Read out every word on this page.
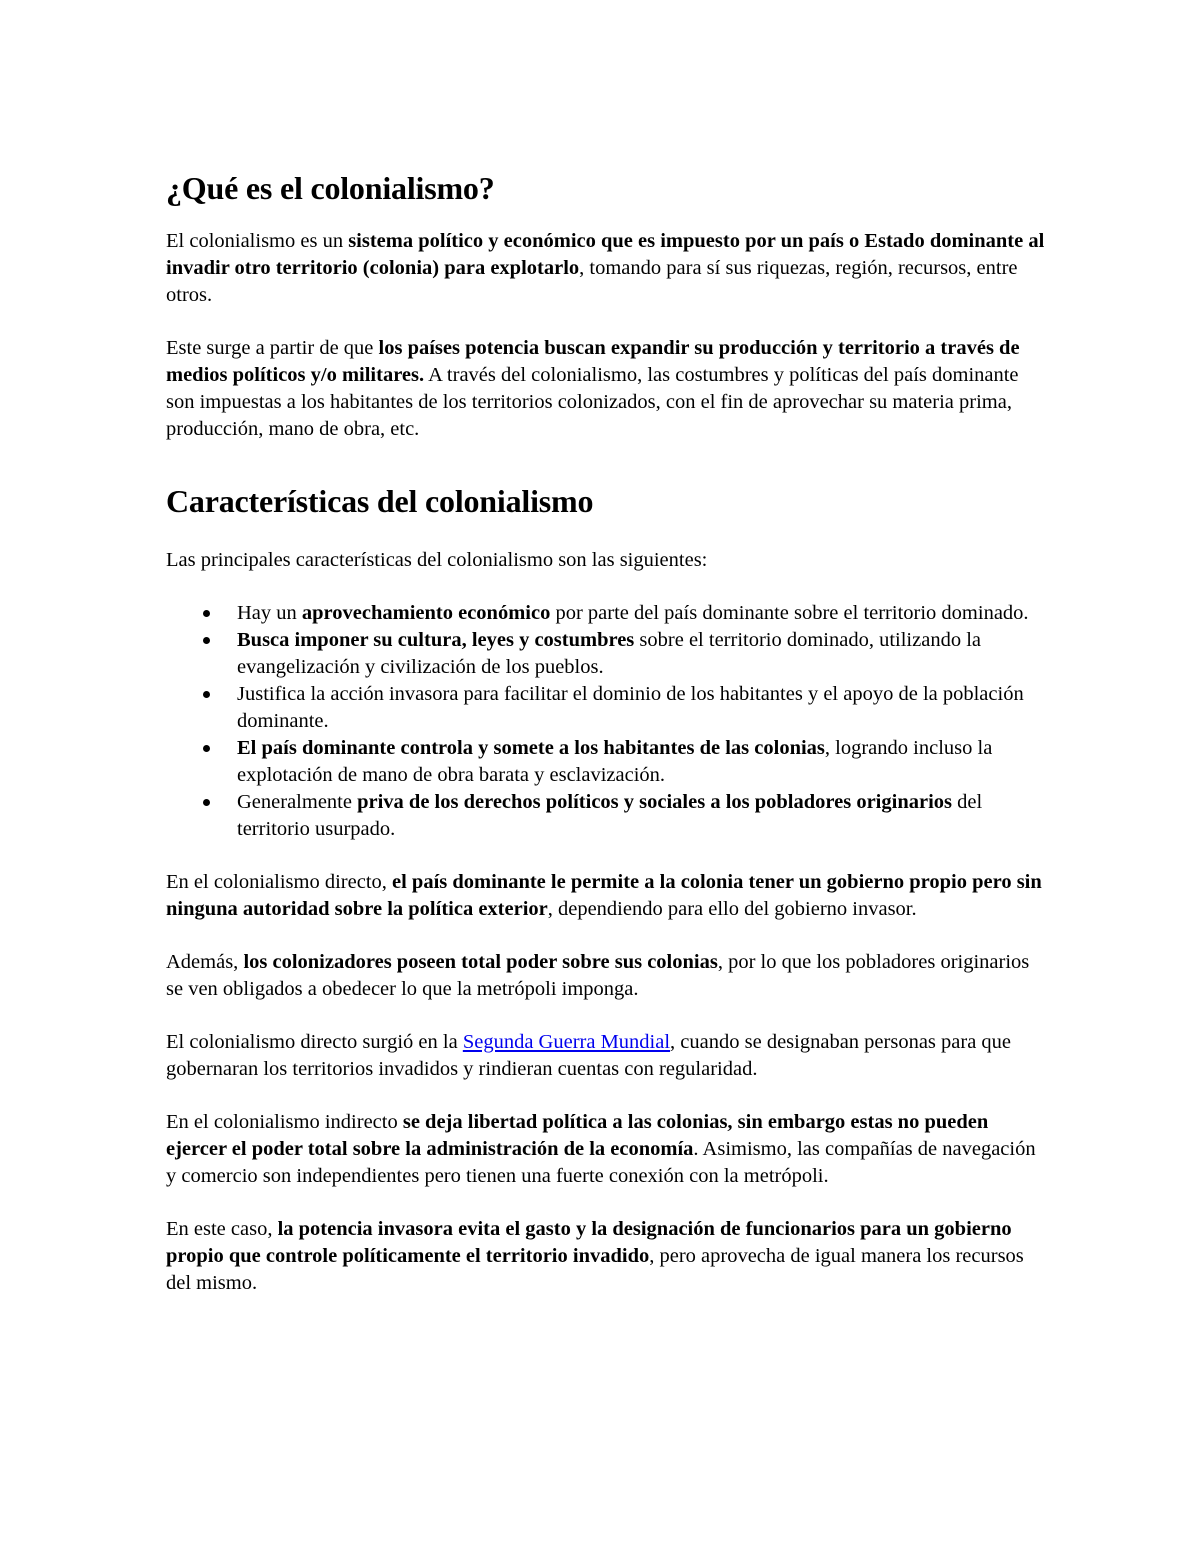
¿Qué es el colonialismo?

El colonialismo es un sistema político y económico que es impuesto por un país o Estado dominante al invadir otro territorio (colonia) para explotarlo, tomando para sí sus riquezas, región, recursos, entre otros.

Este surge a partir de que los países potencia buscan expandir su producción y territorio a través de medios políticos y/o militares. A través del colonialismo, las costumbres y políticas del país dominante son impuestas a los habitantes de los territorios colonizados, con el fin de aprovechar su materia prima, producción, mano de obra, etc.

Características del colonialismo

Las principales características del colonialismo son las siguientes:

Hay un aprovechamiento económico por parte del país dominante sobre el territorio dominado.
Busca imponer su cultura, leyes y costumbres sobre el territorio dominado, utilizando la evangelización y civilización de los pueblos.
Justifica la acción invasora para facilitar el dominio de los habitantes y el apoyo de la población dominante.
El país dominante controla y somete a los habitantes de las colonias, logrando incluso la explotación de mano de obra barata y esclavización.
Generalmente priva de los derechos políticos y sociales a los pobladores originarios del territorio usurpado.

En el colonialismo directo, el país dominante le permite a la colonia tener un gobierno propio pero sin ninguna autoridad sobre la política exterior, dependiendo para ello del gobierno invasor.

Además, los colonizadores poseen total poder sobre sus colonias, por lo que los pobladores originarios se ven obligados a obedecer lo que la metrópoli imponga.

El colonialismo directo surgió en la Segunda Guerra Mundial, cuando se designaban personas para que gobernaran los territorios invadidos y rindieran cuentas con regularidad.

En el colonialismo indirecto se deja libertad política a las colonias, sin embargo estas no pueden ejercer el poder total sobre la administración de la economía. Asimismo, las compañías de navegación y comercio son independientes pero tienen una fuerte conexión con la metrópoli.

En este caso, la potencia invasora evita el gasto y la designación de funcionarios para un gobierno propio que controle políticamente el territorio invadido, pero aprovecha de igual manera los recursos del mismo.
